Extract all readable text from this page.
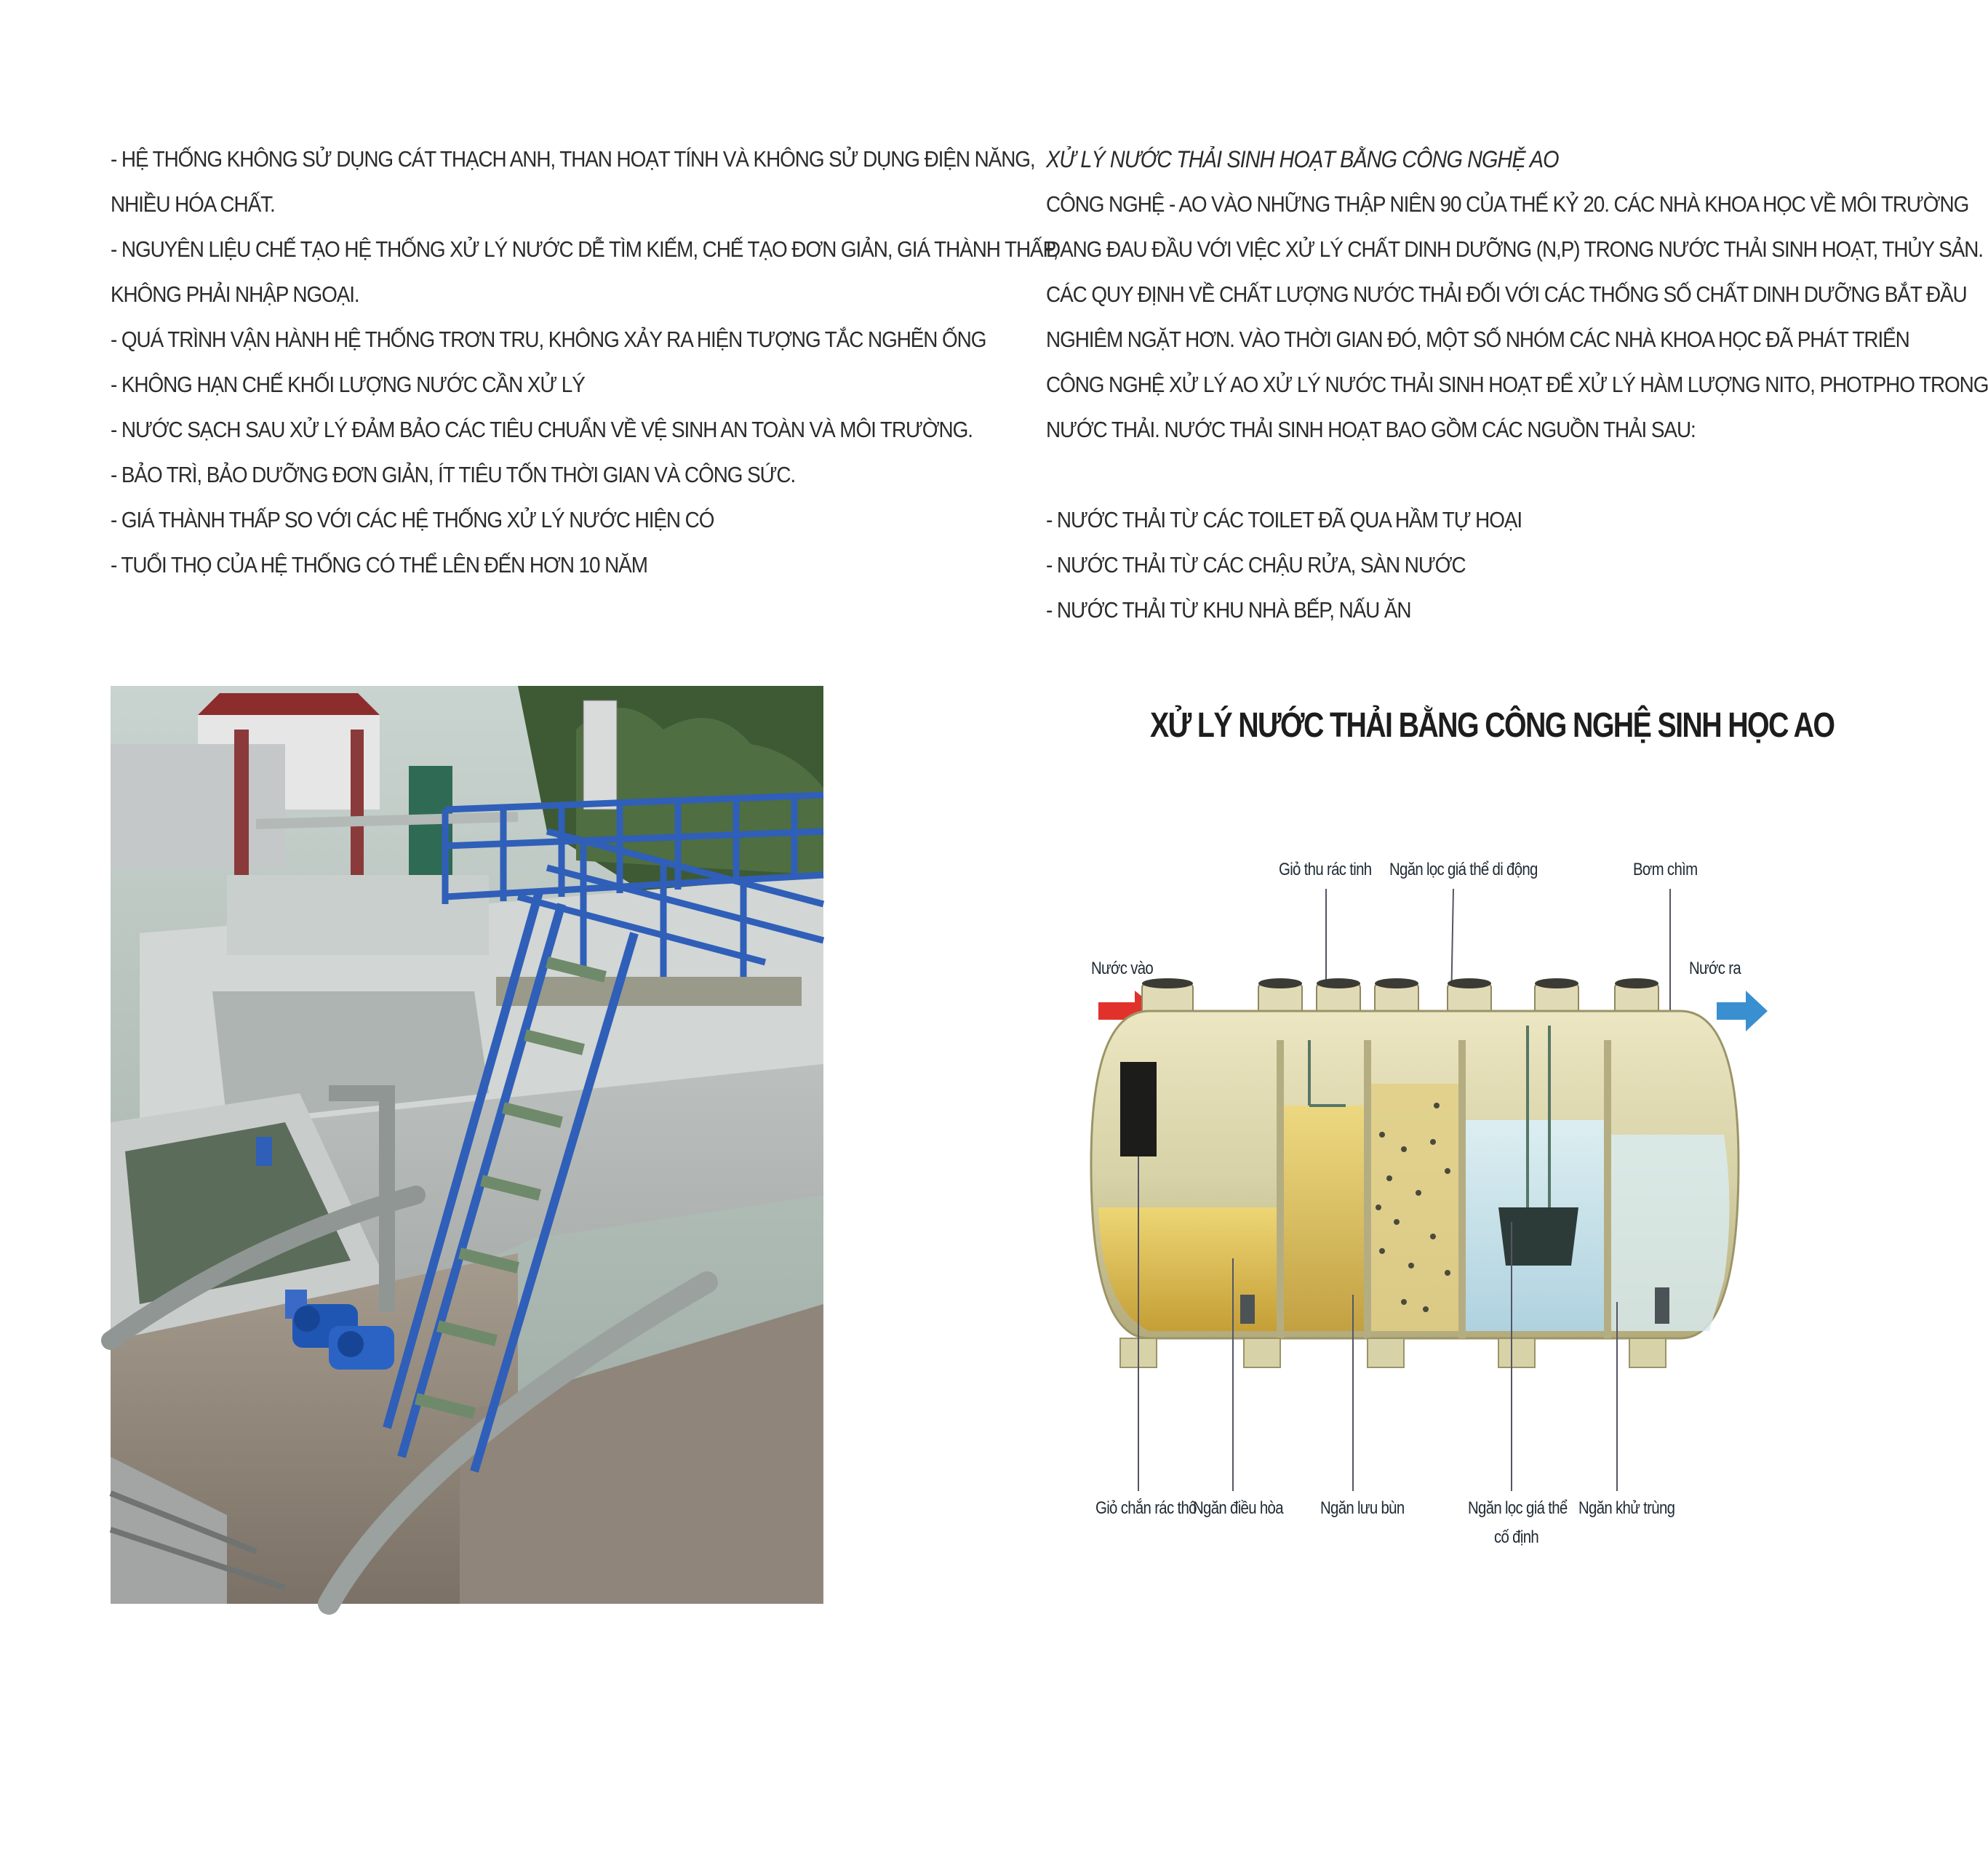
- HỆ THỐNG KHÔNG SỬ DỤNG CÁT THẠCH ANH, THAN HOẠT TÍNH VÀ KHÔNG SỬ DỤNG ĐIỆN NĂNG,
NHIỀU HÓA CHẤT.
- NGUYÊN LIỆU CHẾ TẠO HỆ THỐNG XỬ LÝ NƯỚC DỄ TÌM KIẾM, CHẾ TẠO ĐƠN GIẢN, GIÁ THÀNH THẤP,
KHÔNG PHẢI NHẬP NGOẠI.
- QUÁ TRÌNH VẬN HÀNH HỆ THỐNG TRƠN TRU, KHÔNG XẢY RA HIỆN TƯỢNG TẮC NGHẼN ỐNG
- KHÔNG HẠN CHẾ KHỐI LƯỢNG NƯỚC CẦN XỬ LÝ
- NƯỚC SẠCH SAU XỬ LÝ ĐẢM BẢO CÁC TIÊU CHUẨN VỀ VỆ SINH AN TOÀN VÀ MÔI TRƯỜNG.
- BẢO TRÌ, BẢO DƯỠNG ĐƠN GIẢN, ÍT TIÊU TỐN THỜI GIAN VÀ CÔNG SỨC.
- GIÁ THÀNH THẤP SO VỚI CÁC HỆ THỐNG XỬ LÝ NƯỚC HIỆN CÓ
- TUỔI THỌ CỦA HỆ THỐNG CÓ THỂ LÊN ĐẾN HƠN 10 NĂM
XỬ LÝ NƯỚC THẢI SINH HOẠT BẰNG CÔNG NGHỆ AO
CÔNG NGHỆ - AO VÀO NHỮNG THẬP NIÊN 90 CỦA THẾ KỶ 20. CÁC NHÀ KHOA HỌC VỀ MÔI TRƯỜNG
ĐANG ĐAU ĐẦU VỚI VIỆC XỬ LÝ CHẤT DINH DƯỠNG (N,P) TRONG NƯỚC THẢI SINH HOẠT, THỦY SẢN.
CÁC QUY ĐỊNH VỀ CHẤT LƯỢNG NƯỚC THẢI ĐỐI VỚI CÁC THỐNG SỐ CHẤT DINH DƯỠNG BẮT ĐẦU
NGHIÊM NGẶT HƠN. VÀO THỜI GIAN ĐÓ, MỘT SỐ NHÓM CÁC NHÀ KHOA HỌC ĐÃ PHÁT TRIỂN
CÔNG NGHỆ XỬ LÝ AO XỬ LÝ NƯỚC THẢI SINH HOẠT ĐỂ XỬ LÝ HÀM LƯỢNG NITO, PHOTPHO TRONG
NƯỚC THẢI. NƯỚC THẢI SINH HOẠT BAO GỒM CÁC NGUỒN THẢI SAU:
- NƯỚC THẢI TỪ CÁC TOILET ĐÃ QUA HẦM TỰ HOẠI
- NƯỚC THẢI TỪ CÁC CHẬU RỬA, SÀN NƯỚC
- NƯỚC THẢI TỪ KHU NHÀ BẾP, NẤU ĂN
XỬ LÝ NƯỚC THẢI BẰNG CÔNG NGHỆ SINH HỌC AO
Giỏ thu rác tinh Ngăn lọc giá thể di động	Bơm chìm
Nước vào	Nước ra
Giỏ chắn rác thô
Ngăn điều hòa Ngăn lưu bùn	Ngăn lọc giá thể
cố định
Ngăn khử trùng
